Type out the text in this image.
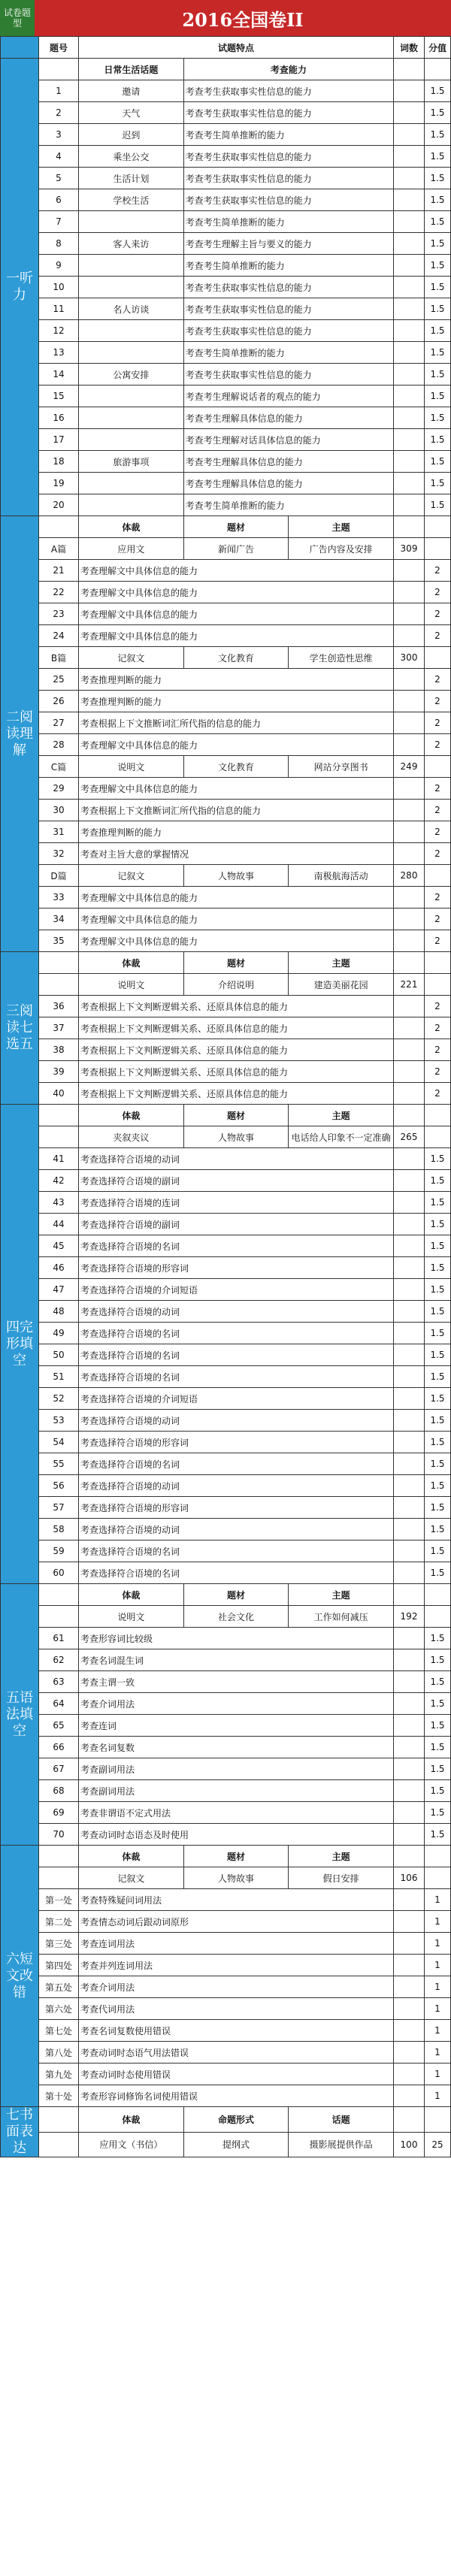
试卷题型	2016全国卷II
	题号	试题特点			词数	分值
一听力		日常生活话题	考查能力			
	1	邀请	考查考生获取事实性信息的能力			1.5
	2	天气	考查考生获取事实性信息的能力			1.5
	3	迟到	考查考生简单推断的能力			1.5
	4	乘坐公交	考查考生获取事实性信息的能力			1.5
	5	生活计划	考查考生获取事实性信息的能力			1.5
	6	学校生活	考查考生获取事实性信息的能力			1.5
	7		考查考生简单推断的能力			1.5
	8	客人来访	考查考生理解主旨与要义的能力			1.5
	9		考查考生简单推断的能力			1.5
	10		考查考生获取事实性信息的能力			1.5
	11	名人访谈	考查考生获取事实性信息的能力			1.5
	12		考查考生获取事实性信息的能力			1.5
	13		考查考生简单推断的能力			1.5
	14	公寓安排	考查考生获取事实性信息的能力			1.5
	15		考查考生理解说话者的观点的能力			1.5
	16		考查考生理解具体信息的能力			1.5
	17		考查考生理解对话具体信息的能力			1.5
	18	旅游事项	考查考生理解具体信息的能力			1.5
	19		考查考生理解具体信息的能力			1.5
	20		考查考生简单推断的能力			1.5
二阅读理解		体裁	题材	主题		
	A篇	应用文	新闻广告	广告内容及安排	309	
	21	考查理解文中具体信息的能力				2
	22	考查理解文中具体信息的能力				2
	23	考查理解文中具体信息的能力				2
	24	考查理解文中具体信息的能力				2
	B篇	记叙文	文化教育	学生创造性思维	300	
	25	考查推理判断的能力				2
	26	考查推理判断的能力				2
	27	考查根据上下文推断词汇所代指的信息的能力				2
	28	考查理解文中具体信息的能力				2
	C篇	说明文	文化教育	网站分享图书	249	
	29	考查理解文中具体信息的能力				2
	30	考查根据上下文推断词汇所代指的信息的能力				2
	31	考查推理判断的能力				2
	32	考查对主旨大意的掌握情况				2
	D篇	记叙文	人物故事	南极航海活动	280	
	33	考查理解文中具体信息的能力				2
	34	考查理解文中具体信息的能力				2
	35	考查理解文中具体信息的能力				2
三阅读七选五		体裁	题材	主题		
		说明文	介绍说明	建造美丽花园	221	
	36	考查根据上下文判断逻辑关系、还原具体信息的能力				2
	37	考查根据上下文判断逻辑关系、还原具体信息的能力				2
	38	考查根据上下文判断逻辑关系、还原具体信息的能力				2
	39	考查根据上下文判断逻辑关系、还原具体信息的能力				2
	40	考查根据上下文判断逻辑关系、还原具体信息的能力				2
四完形填空		体裁	题材	主题		
		夹叙夹议	人物故事	电话给人印象不一定准确	265	
	41	考查选择符合语境的动词				1.5
	42	考查选择符合语境的副词				1.5
	43	考查选择符合语境的连词				1.5
	44	考查选择符合语境的副词				1.5
	45	考查选择符合语境的名词				1.5
	46	考查选择符合语境的形容词				1.5
	47	考查选择符合语境的介词短语				1.5
	48	考查选择符合语境的动词				1.5
	49	考查选择符合语境的名词				1.5
	50	考查选择符合语境的名词				1.5
	51	考查选择符合语境的名词				1.5
	52	考查选择符合语境的介词短语				1.5
	53	考查选择符合语境的动词				1.5
	54	考查选择符合语境的形容词				1.5
	55	考查选择符合语境的名词				1.5
	56	考查选择符合语境的动词				1.5
	57	考查选择符合语境的形容词				1.5
	58	考查选择符合语境的动词				1.5
	59	考查选择符合语境的名词				1.5
	60	考查选择符合语境的名词				1.5
五语法填空		体裁	题材	主题		
		说明文	社会文化	工作如何减压	192	
	61	考查形容词比较级				1.5
	62	考查名词混生词				1.5
	63	考查主谓一致				1.5
	64	考查介词用法				1.5
	65	考查连词				1.5
	66	考查名词复数				1.5
	67	考查副词用法				1.5
	68	考查副词用法				1.5
	69	考查非谓语不定式用法				1.5
	70	考查动词时态语态及时使用				1.5
六短文改错		体裁	题材	主题		
		记叙文	人物故事	假日安排	106	
	第一处	考查特殊疑问词用法				1
	第二处	考查情态动词后跟动词原形				1
	第三处	考查连词用法				1
	第四处	考查并列连词用法				1
	第五处	考查介词用法				1
	第六处	考查代词用法				1
	第七处	考查名词复数使用错误				1
	第八处	考查动词时态语气用法错误				1
	第九处	考查动词时态使用错误				1
	第十处	考查形容词修饰名词使用错误				1
七书面表达		体裁	命题形式	话题		
		应用文（书信）	提纲式	摄影展提供作品	100	25
